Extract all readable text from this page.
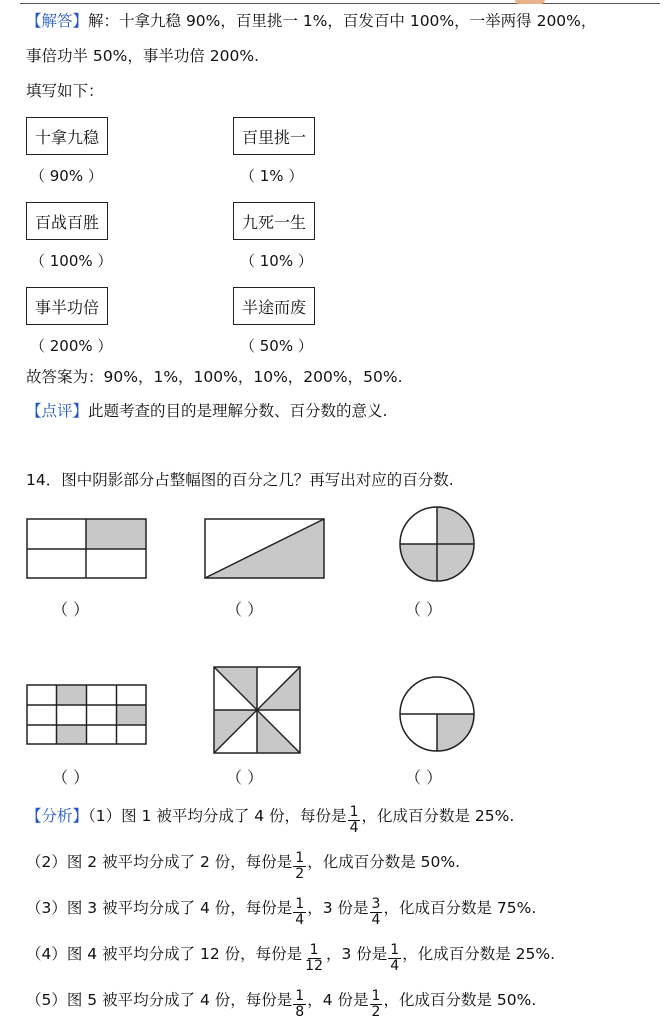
【解答】解：十拿九稳 90%，百里挑一 1%，百发百中 100%，一举两得 200%，
事倍功半 50%，事半功倍 200%.
填写如下：
十拿九稳	百里挑一
（ 90% ）	（ 1% ）
百战百胜	九死一生
（ 100% ）	（ 10% ）
事半功倍	半途而废
（ 200% ）	（ 50% ）
故答案为：90%，1%，100%，10%，200%，50%.
【点评】此题考查的目的是理解分数、百分数的意义.
14．图中阴影部分占整幅图的百分之几？再写出对应的百分数.
（ ）	（ ）	（ ）
（ ）	（ ）	（ ）
【分析】（1）图 1 被平均分成了 4 份，每份是 $\frac{1}{4}$ ，化成百分数是 25%.
（2）图 2 被平均分成了 2 份，每份是 $\frac{1}{2}$ ，化成百分数是 50%.
（3）图 3 被平均分成了 4 份，每份是 $\frac{1}{4}$ ，3 份是 $\frac{3}{4}$ ，化成百分数是 75%.
（4）图 4 被平均分成了 12 份，每份是 $\frac{1}{12}$ ，3 份是 $\frac{1}{4}$ ，化成百分数是 25%.
（5）图 5 被平均分成了 4 份，每份是 $\frac{1}{8}$ ，4 份是 $\frac{1}{2}$ ，化成百分数是 50%.
